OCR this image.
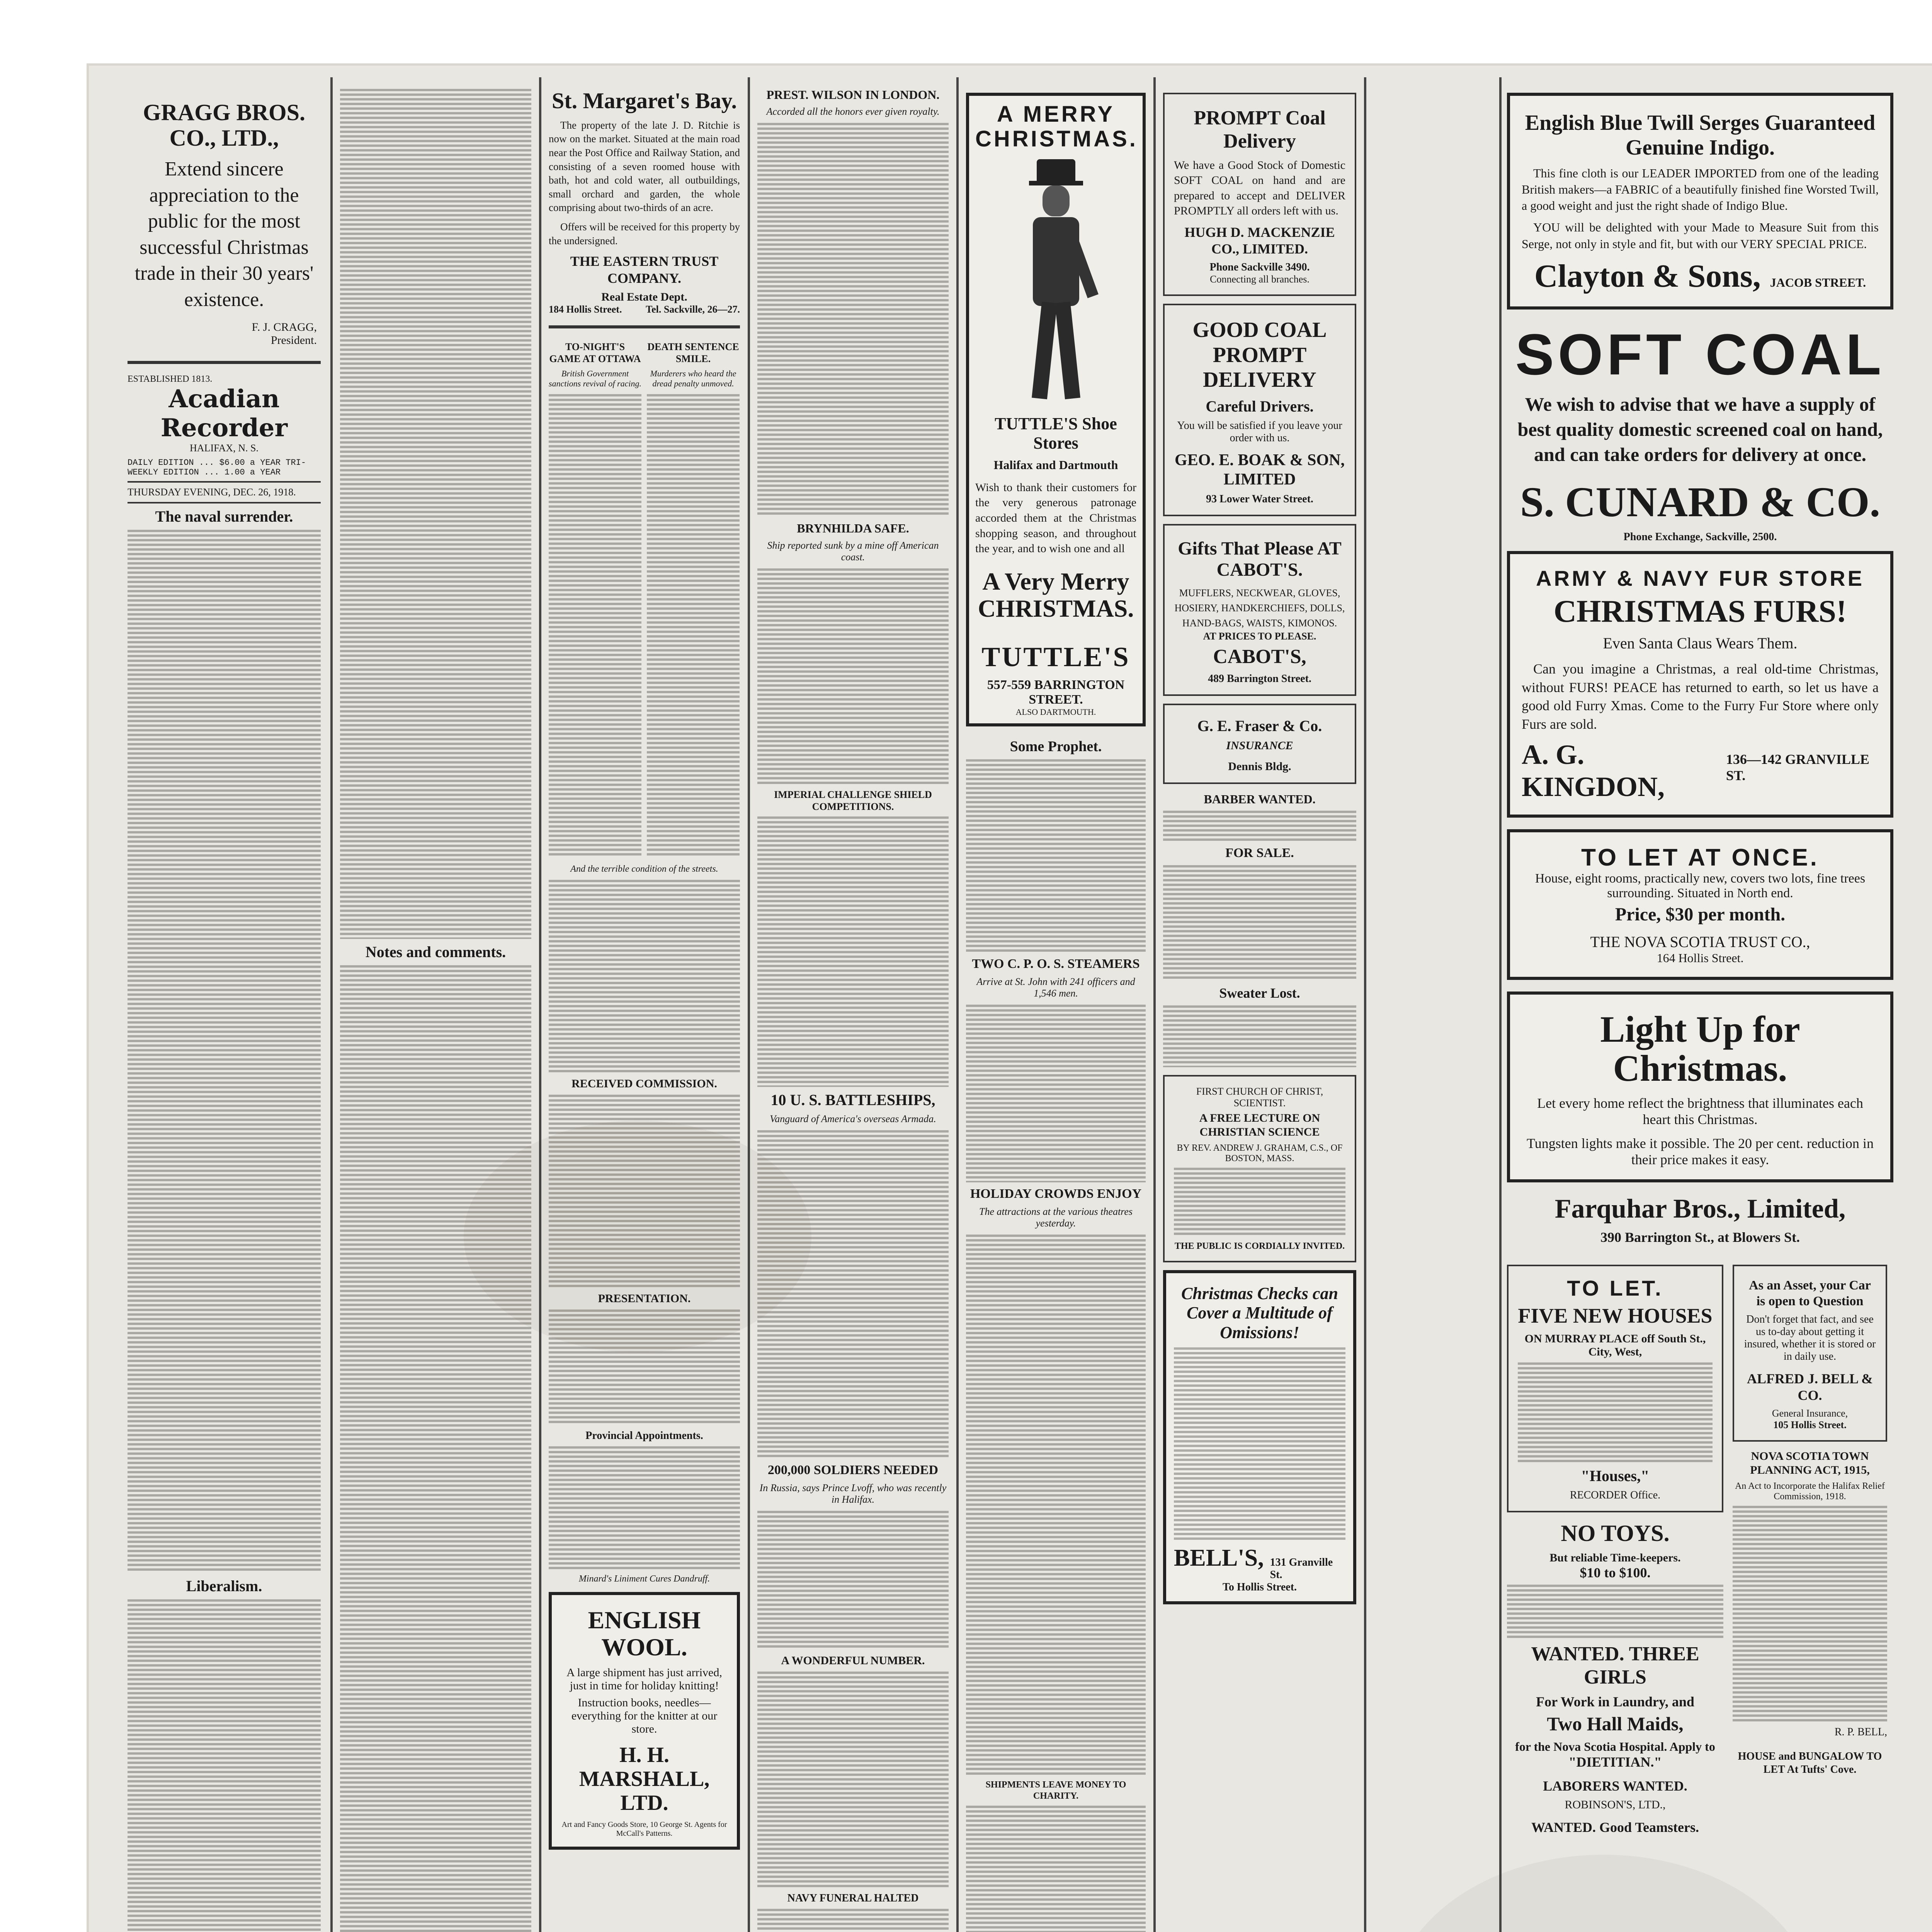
GRAGG BROS. CO., LTD.,
Extend sincere appreciation to the public for the most successful Christmas trade in their 30 years' existence.
F. J. CRAGG,
President.
ESTABLISHED 1813.
Acadian Recorder
HALIFAX, N. S.
DAILY EDITION ... $6.00 a YEAR TRI-WEEKLY EDITION ... 1.00 a YEAR
THURSDAY EVENING, DEC. 26, 1918.
The naval surrender.
Liberalism.
Notes and comments.
St. Margaret's Bay.
The property of the late J. D. Ritchie is now on the market. Situated at the main road near the Post Office and Railway Station, and consisting of a seven roomed house with bath, hot and cold water, all outbuildings, small orchard and garden, the whole comprising about two-thirds of an acre.
Offers will be received for this property by the undersigned.
THE EASTERN TRUST COMPANY.
Real Estate Dept.
184 Hollis Street. Tel. Sackville, 26—27.
TO-NIGHT'S GAME AT OTTAWA
British Government sanctions revival of racing.
DEATH SENTENCE SMILE.
Murderers who heard the dread penalty unmoved.
And the terrible condition of the streets.
RECEIVED COMMISSION.
PRESENTATION.
Provincial Appointments.
Minard's Liniment Cures Dandruff.
ENGLISH WOOL.
A large shipment has just arrived, just in time for holiday knitting!
Instruction books, needles—everything for the knitter at our store.
H. H. MARSHALL, LTD.
Art and Fancy Goods Store, 10 George St. Agents for McCall's Patterns.
PREST. WILSON IN LONDON.
Accorded all the honors ever given royalty.
BRYNHILDA SAFE.
Ship reported sunk by a mine off American coast.
IMPERIAL CHALLENGE SHIELD COMPETITIONS.
10 U. S. BATTLESHIPS,
Vanguard of America's overseas Armada.
200,000 SOLDIERS NEEDED
In Russia, says Prince Lvoff, who was recently in Halifax.
A WONDERFUL NUMBER.
NAVY FUNERAL HALTED
A MERRY CHRISTMAS.
TUTTLE'S Shoe Stores
Halifax and Dartmouth
Wish to thank their customers for the very generous patronage accorded them at the Christmas shopping season, and throughout the year, and to wish one and all
A Very Merry CHRISTMAS.
TUTTLE'S
557-559 BARRINGTON STREET.
ALSO DARTMOUTH.
Some Prophet.
TWO C. P. O. S. STEAMERS
Arrive at St. John with 241 officers and 1,546 men.
HOLIDAY CROWDS ENJOY
The attractions at the various theatres yesterday.
SHIPMENTS LEAVE MONEY TO CHARITY.
PROMPT Coal Delivery
We have a Good Stock of Domestic SOFT COAL on hand and are prepared to accept and DELIVER PROMPTLY all orders left with us.
HUGH D. MACKENZIE CO., LIMITED.
Phone Sackville 3490.
Connecting all branches.
GOOD COAL PROMPT DELIVERY
Careful Drivers.
You will be satisfied if you leave your order with us.
GEO. E. BOAK & SON, LIMITED
93 Lower Water Street.
Gifts That Please AT CABOT'S.
MUFFLERS, NECKWEAR, GLOVES, HOSIERY, HANDKERCHIEFS, DOLLS, HAND-BAGS, WAISTS, KIMONOS.
AT PRICES TO PLEASE.
CABOT'S,
489 Barrington Street.
G. E. Fraser & Co.
INSURANCE
Dennis Bldg.
BARBER WANTED.
FOR SALE.
Sweater Lost.
FIRST CHURCH OF CHRIST, SCIENTIST.
A FREE LECTURE ON CHRISTIAN SCIENCE
BY REV. ANDREW J. GRAHAM, C.S., OF BOSTON, MASS.
THE PUBLIC IS CORDIALLY INVITED.
Christmas Checks can Cover a Multitude of Omissions!
BELL'S, 131 Granville St.
To Hollis Street.
English Blue Twill Serges Guaranteed Genuine Indigo.
This fine cloth is our LEADER IMPORTED from one of the leading British makers—a FABRIC of a beautifully finished fine Worsted Twill, a good weight and just the right shade of Indigo Blue.
YOU will be delighted with your Made to Measure Suit from this Serge, not only in style and fit, but with our VERY SPECIAL PRICE.
Clayton & Sons, JACOB STREET.
SOFT COAL
We wish to advise that we have a supply of best quality domestic screened coal on hand, and can take orders for delivery at once.
S. CUNARD & CO.
Phone Exchange, Sackville, 2500.
ARMY & NAVY FUR STORE
CHRISTMAS FURS!
Even Santa Claus Wears Them.
Can you imagine a Christmas, a real old-time Christmas, without FURS! PEACE has returned to earth, so let us have a good old Furry Xmas. Come to the Furry Fur Store where only Furs are sold.
A. G. KINGDON,
136—142 GRANVILLE ST.
TO LET AT ONCE.
House, eight rooms, practically new, covers two lots, fine trees surrounding. Situated in North end.
Price, $30 per month.
THE NOVA SCOTIA TRUST CO.,
164 Hollis Street.
Light Up for Christmas.
Let every home reflect the brightness that illuminates each heart this Christmas.
Tungsten lights make it possible. The 20 per cent. reduction in their price makes it easy.
Farquhar Bros., Limited,
390 Barrington St., at Blowers St.
TO LET.
FIVE NEW HOUSES
ON MURRAY PLACE off South St., City, West,
"Houses,"
RECORDER Office.
NO TOYS.
But reliable Time-keepers.
$10 to $100.
WANTED. THREE GIRLS
For Work in Laundry, and
Two Hall Maids,
for the Nova Scotia Hospital. Apply to
"DIETITIAN."
LABORERS WANTED.
ROBINSON'S, LTD.,
WANTED. Good Teamsters.
As an Asset, your Car is open to Question
Don't forget that fact, and see us to-day about getting it insured, whether it is stored or in daily use.
ALFRED J. BELL & CO.
General Insurance,
105 Hollis Street.
NOVA SCOTIA TOWN PLANNING ACT, 1915,
An Act to Incorporate the Halifax Relief Commission, 1918.
R. P. BELL,
HOUSE and BUNGALOW TO LET At Tufts' Cove.
